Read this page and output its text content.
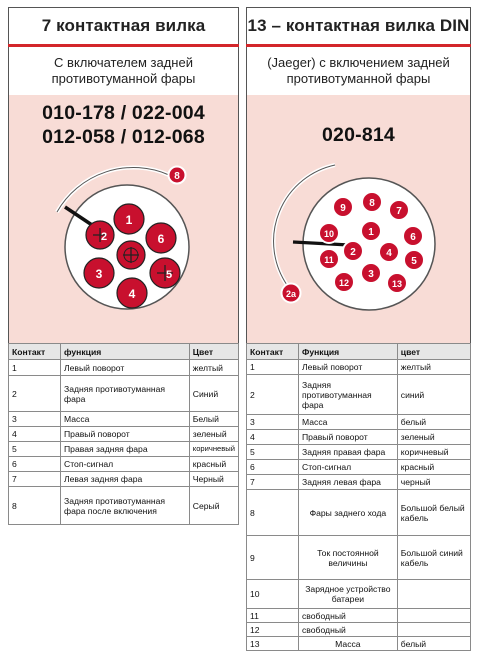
7 контактная вилка
С включателем задней противотуманной фары
010-178 / 022-004
012-058 / 012-068
1
2	6
3	5
4
8
Контакт	функция	Цвет
1	Левый поворот	желтый
2	Задняя противотуманная фара	Синий
3	Масса	Белый
4	Правый поворот	зеленый
5	Правая задняя фара	коричневый
6	Стоп-сигнал	красный
7	Левая задняя фара	Черный
8	Задняя противотуманная фара после включения	Серый
13 – контактная вилка DIN
(Jaeger) с включением задней противотуманной фары
020-814
9 8
7
10	1	6
2	4
11	5
3
12	13
2a
Контакт	Функция	цвет
1	Левый поворот	желтый
2	Задняя противотуманная фара	синий
3	Масса	белый
4	Правый поворот	зеленый
5	Задняя правая фара	коричневый
6	Стоп-сигнал	красный
7	Задняя левая фара	черный
8	Фары заднего хода	Большой белый кабель
9	Ток постоянной величины	Большой синий кабель
10	Зарядное устройство батареи	
11	свободный	
12	свободный	
13	Масса	белый
